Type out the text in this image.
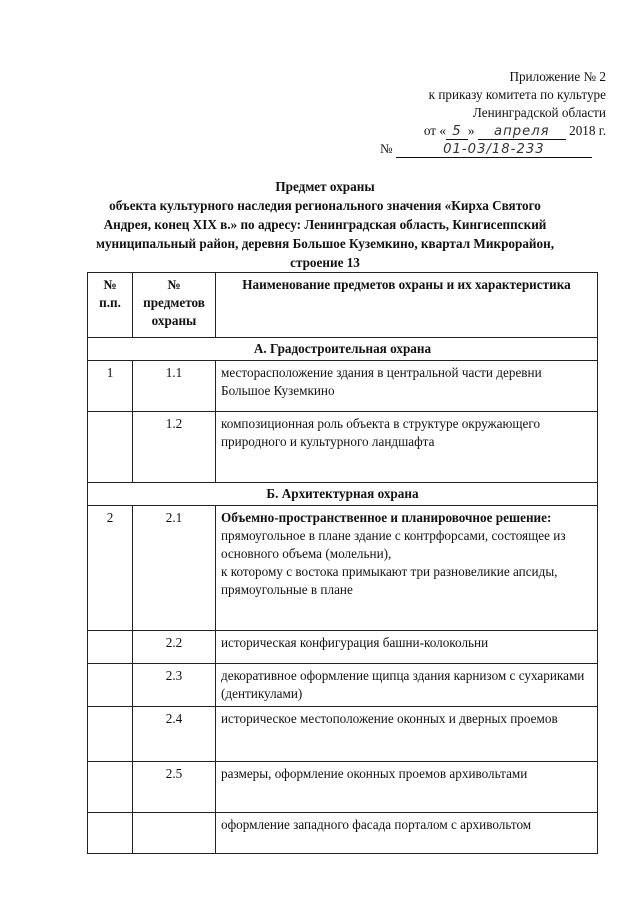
Приложение № 2
к приказу комитета по культуре
Ленинградской области
от « 5 » апреля 2018 г.
№	01-03/18-233
Предмет охраны
объекта культурного наследия регионального значения «Кирха Святого
Андрея, конец XIX в.» по адресу: Ленинградская область, Кингисеппский
муниципальный район, деревня Большое Куземкино, квартал Микрорайон,
строение 13
№ п.п.	№ предметов охраны	Наименование предметов охраны и их характеристика
А. Градостроительная охрана		
1	1.1	месторасположение здания в центральной части деревни Большое Куземкино
	1.2	композиционная роль объекта в структуре окружающего природного и культурного ландшафта
Б. Архитектурная охрана		
2	2.1	Объемно-пространственное и планировочное решение:
прямоугольное в плане здание с контрфорсами, состоящее из основного объема (молельни),
к которому с востока примыкают три разновеликие апсиды, прямоугольные в плане

	2.2	историческая конфигурация башни-колокольни
	2.3	декоративное оформление щипца здания карнизом с сухариками (дентикулами)
	2.4	историческое местоположение оконных и дверных проемов
	2.5	размеры, оформление оконных проемов архивольтами
		оформление западного фасада порталом с архивольтом
